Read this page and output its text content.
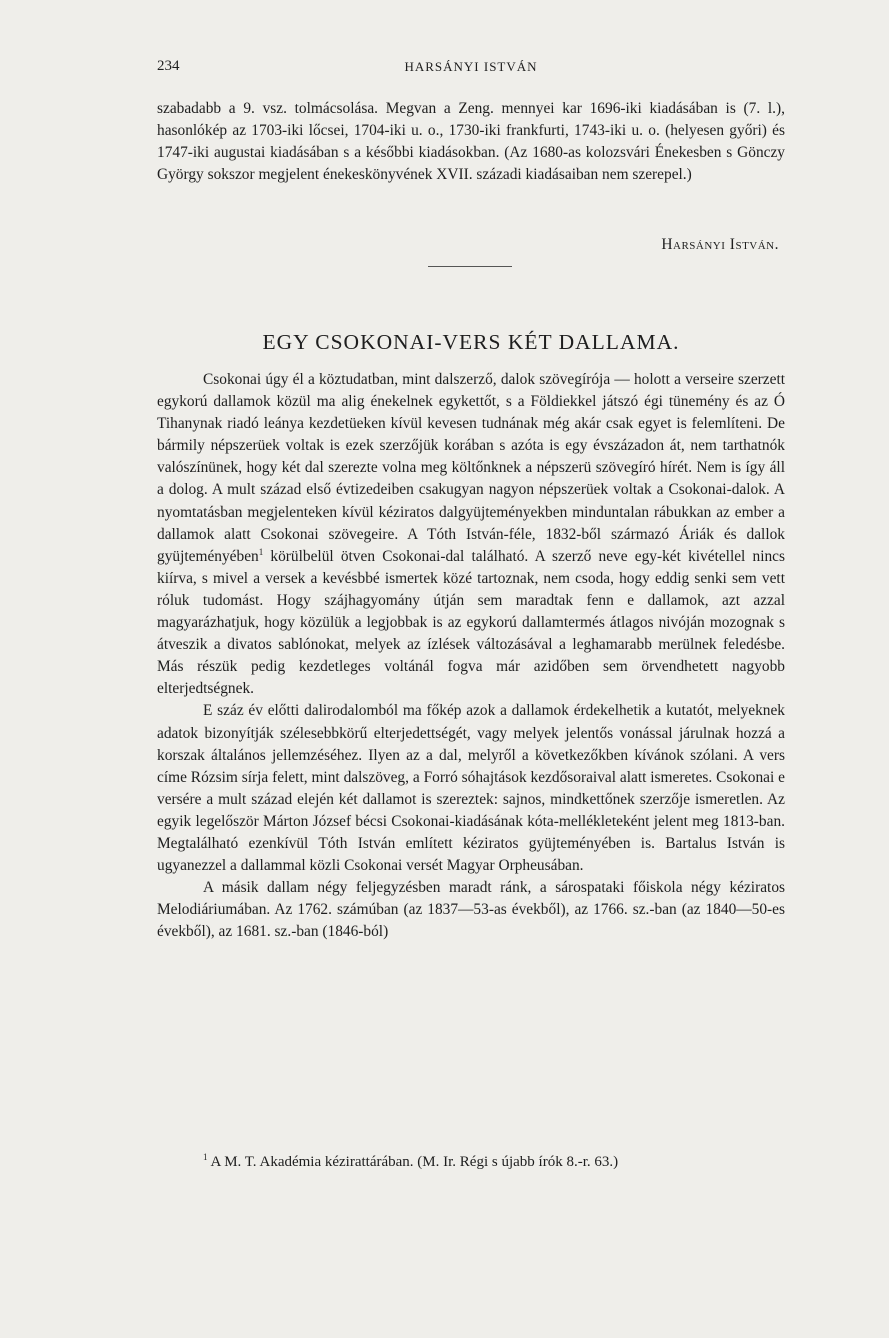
234	HARSÁNYI ISTVÁN
szabadabb a 9. vsz. tolmácsolása. Megvan a Zeng. mennyei kar 1696-iki kiadásában is (7. l.), hasonlókép az 1703-iki lőcsei, 1704-iki u. o., 1730-iki frankfurti, 1743-iki u. o. (helyesen győri) és 1747-iki augustai kiadásában s a későbbi kiadásokban. (Az 1680-as kolozsvári Énekesben s Gönczy György sokszor megjelent énekeskönyvének XVII. századi kiadásaiban nem szerepel.)
Harsányi István.
EGY CSOKONAI-VERS KÉT DALLAMA.

Csokonai úgy él a köztudatban, mint dalszerző, dalok szövegírója — holott a verseire szerzett egykorú dallamok közül ma alig énekelnek egykettőt, s a Földiekkel játszó égi tünemény és az Ó Tihanynak riadó leánya kezdetüeken kívül kevesen tudnának még akár csak egyet is felemlíteni. De bármily népszerüek voltak is ezek szerzőjük korában s azóta is egy évszázadon át, nem tarthatnók valószínünek, hogy két dal szerezte volna meg költőnknek a népszerü szövegíró hírét. Nem is így áll a dolog. A mult század első évtizedeiben csakugyan nagyon népszerüek voltak a Csokonai-dalok. A nyomtatásban megjelenteken kívül kéziratos dalgyüjteményekben minduntalan rábukkan az ember a dallamok alatt Csokonai szövegeire. A Tóth István-féle, 1832-ből származó Áriák és dallok gyüjteményében$^1$ körülbelül ötven Csokonai-dal található. A szerző neve egy-két kivétellel nincs kiírva, s mivel a versek a kevésbbé ismertek közé tartoznak, nem csoda, hogy eddig senki sem vett róluk tudomást. Hogy szájhagyomány útján sem maradtak fenn e dallamok, azt azzal magyarázhatjuk, hogy közülük a legjobbak is az egykorú dallamtermés átlagos nivóján mozognak s átveszik a divatos sablónokat, melyek az ízlések változásával a leghamarabb merülnek feledésbe. Más részük pedig kezdetleges voltánál fogva már azidőben sem örvendhetett nagyobb elterjedtségnek.

E száz év előtti dalirodalomból ma főkép azok a dallamok érdekelhetik a kutatót, melyeknek adatok bizonyítják szélesebbkörű elterjedettségét, vagy melyek jelentős vonással járulnak hozzá a korszak általános jellemzéséhez. Ilyen az a dal, melyről a következőkben kívánok szólani. A vers címe Rózsim sírja felett, mint dalszöveg, a Forró sóhajtások kezdősoraival alatt ismeretes. Csokonai e versére a mult század elején két dallamot is szereztek: sajnos, mindkettőnek szerzője ismeretlen. Az egyik legelőször Márton József bécsi Csokonai-kiadásának kóta-mellékleteként jelent meg 1813-ban. Megtalálható ezenkívül Tóth István említett kéziratos gyüjteményében is. Bartalus István is ugyanezzel a dallammal közli Csokonai versét Magyar Orpheusában.

A másik dallam négy feljegyzésben maradt ránk, a sárospataki főiskola négy kéziratos Melodiáriumában. Az 1762. számúban (az 1837—53-as évekből), az 1766. sz.-ban (az 1840—50-es évekből), az 1681. sz.-ban (1846-ból)

$^1$ A M. T. Akadémia kézirattárában. (M. Ir. Régi s újabb írók 8.-r. 63.)
